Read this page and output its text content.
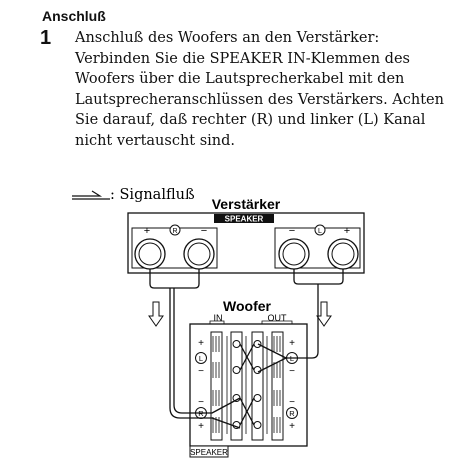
Anschluß
1 Anschluß des Woofers an den Verstärker:
Verbinden Sie die SPEAKER IN-Klemmen des
Woofers über die Lautsprecherkabel mit den
Lautsprecheranschlüssen des Verstärkers. Achten
Sie darauf, daß rechter (R) und linker (L) Kanal
nicht vertauscht sind.

: Signalfluß
Verstärker
SPEAKER
+	R −	−	L +
Woofer
IN	OUT
+
−
−
+
+
−
−
+
L	L
R	R
SPEAKER
